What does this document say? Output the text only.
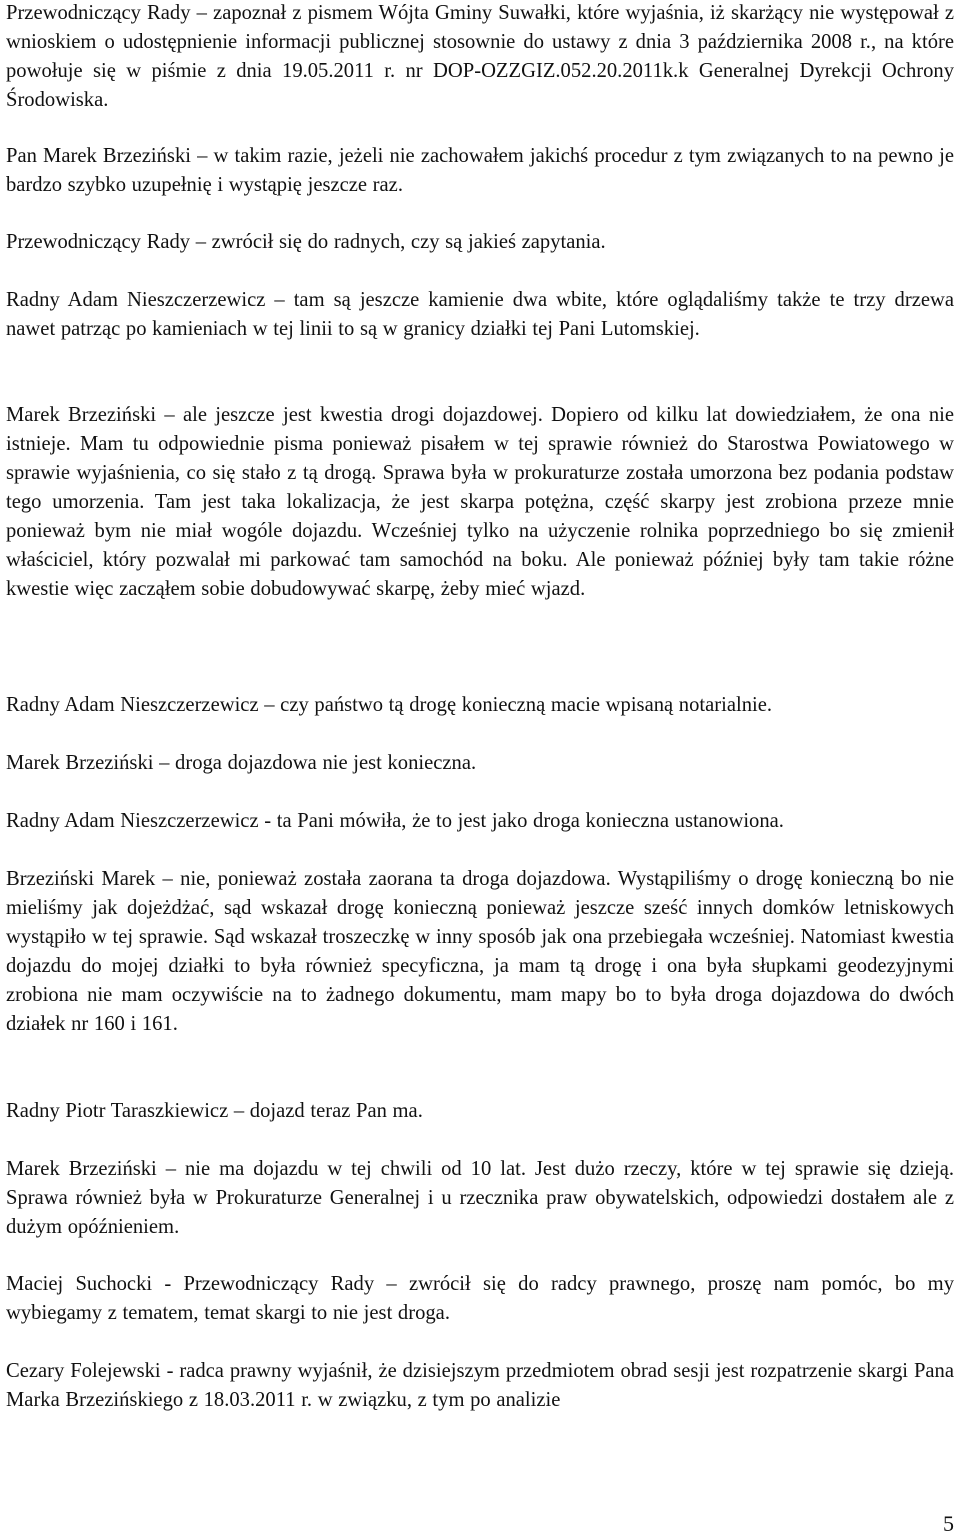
Przewodniczący Rady – zapoznał z pismem Wójta Gminy Suwałki, które wyjaśnia, iż skarżący nie występował z wnioskiem o udostępnienie informacji publicznej stosownie do ustawy z dnia 3 października 2008 r., na które powołuje się w piśmie z dnia 19.05.2011 r. nr DOP-OZZGIZ.052.20.2011k.k Generalnej Dyrekcji Ochrony Środowiska.

Pan Marek Brzeziński – w takim razie, jeżeli nie zachowałem jakichś procedur z tym związanych to na pewno je bardzo szybko uzupełnię i wystąpię jeszcze raz.

Przewodniczący Rady – zwrócił się do radnych, czy są jakieś zapytania.

Radny Adam Nieszczerzewicz – tam są jeszcze kamienie dwa wbite, które oglądaliśmy także te trzy drzewa nawet patrząc po kamieniach w tej linii to są w granicy działki tej Pani Lutomskiej.

Marek Brzeziński – ale jeszcze jest kwestia drogi dojazdowej. Dopiero od kilku lat dowiedziałem, że ona nie istnieje. Mam tu odpowiednie pisma ponieważ pisałem w tej sprawie również do Starostwa Powiatowego w sprawie wyjaśnienia, co się stało z tą drogą. Sprawa była w prokuraturze została umorzona bez podania podstaw tego umorzenia. Tam jest taka lokalizacja, że jest skarpa potężna, część skarpy jest zrobiona przeze mnie ponieważ bym nie miał wogóle dojazdu. Wcześniej tylko na użyczenie rolnika poprzedniego bo się zmienił właściciel, który pozwalał mi parkować tam samochód na boku. Ale ponieważ później były tam takie różne kwestie więc zacząłem sobie dobudowywać skarpę, żeby mieć wjazd.

Radny Adam Nieszczerzewicz – czy państwo tą drogę konieczną macie wpisaną notarialnie.

Marek Brzeziński – droga dojazdowa nie jest konieczna.

Radny Adam Nieszczerzewicz - ta Pani mówiła, że to jest jako droga konieczna ustanowiona.

Brzeziński Marek – nie, ponieważ została zaorana ta droga dojazdowa. Wystąpiliśmy o drogę konieczną bo nie mieliśmy jak dojeżdżać, sąd wskazał drogę konieczną ponieważ jeszcze sześć innych domków letniskowych wystąpiło w tej sprawie. Sąd wskazał troszeczkę w inny sposób jak ona przebiegała wcześniej. Natomiast kwestia dojazdu do mojej działki to była również specyficzna, ja mam tą drogę i ona była słupkami geodezyjnymi zrobiona nie mam oczywiście na to żadnego dokumentu, mam mapy bo to była droga dojazdowa do dwóch działek nr 160 i 161.

Radny Piotr Taraszkiewicz – dojazd teraz Pan ma.

Marek Brzeziński – nie ma dojazdu w tej chwili od 10 lat. Jest dużo rzeczy, które w tej sprawie się dzieją. Sprawa również była w Prokuraturze Generalnej i u rzecznika praw obywatelskich, odpowiedzi dostałem ale z dużym opóźnieniem.

Maciej Suchocki - Przewodniczący Rady – zwrócił się do radcy prawnego, proszę nam pomóc, bo my wybiegamy z tematem, temat skargi to nie jest droga.

Cezary Folejewski - radca prawny wyjaśnił, że dzisiejszym przedmiotem obrad sesji jest rozpatrzenie skargi Pana Marka Brzezińskiego z 18.03.2011 r. w związku, z tym po analizie

5
